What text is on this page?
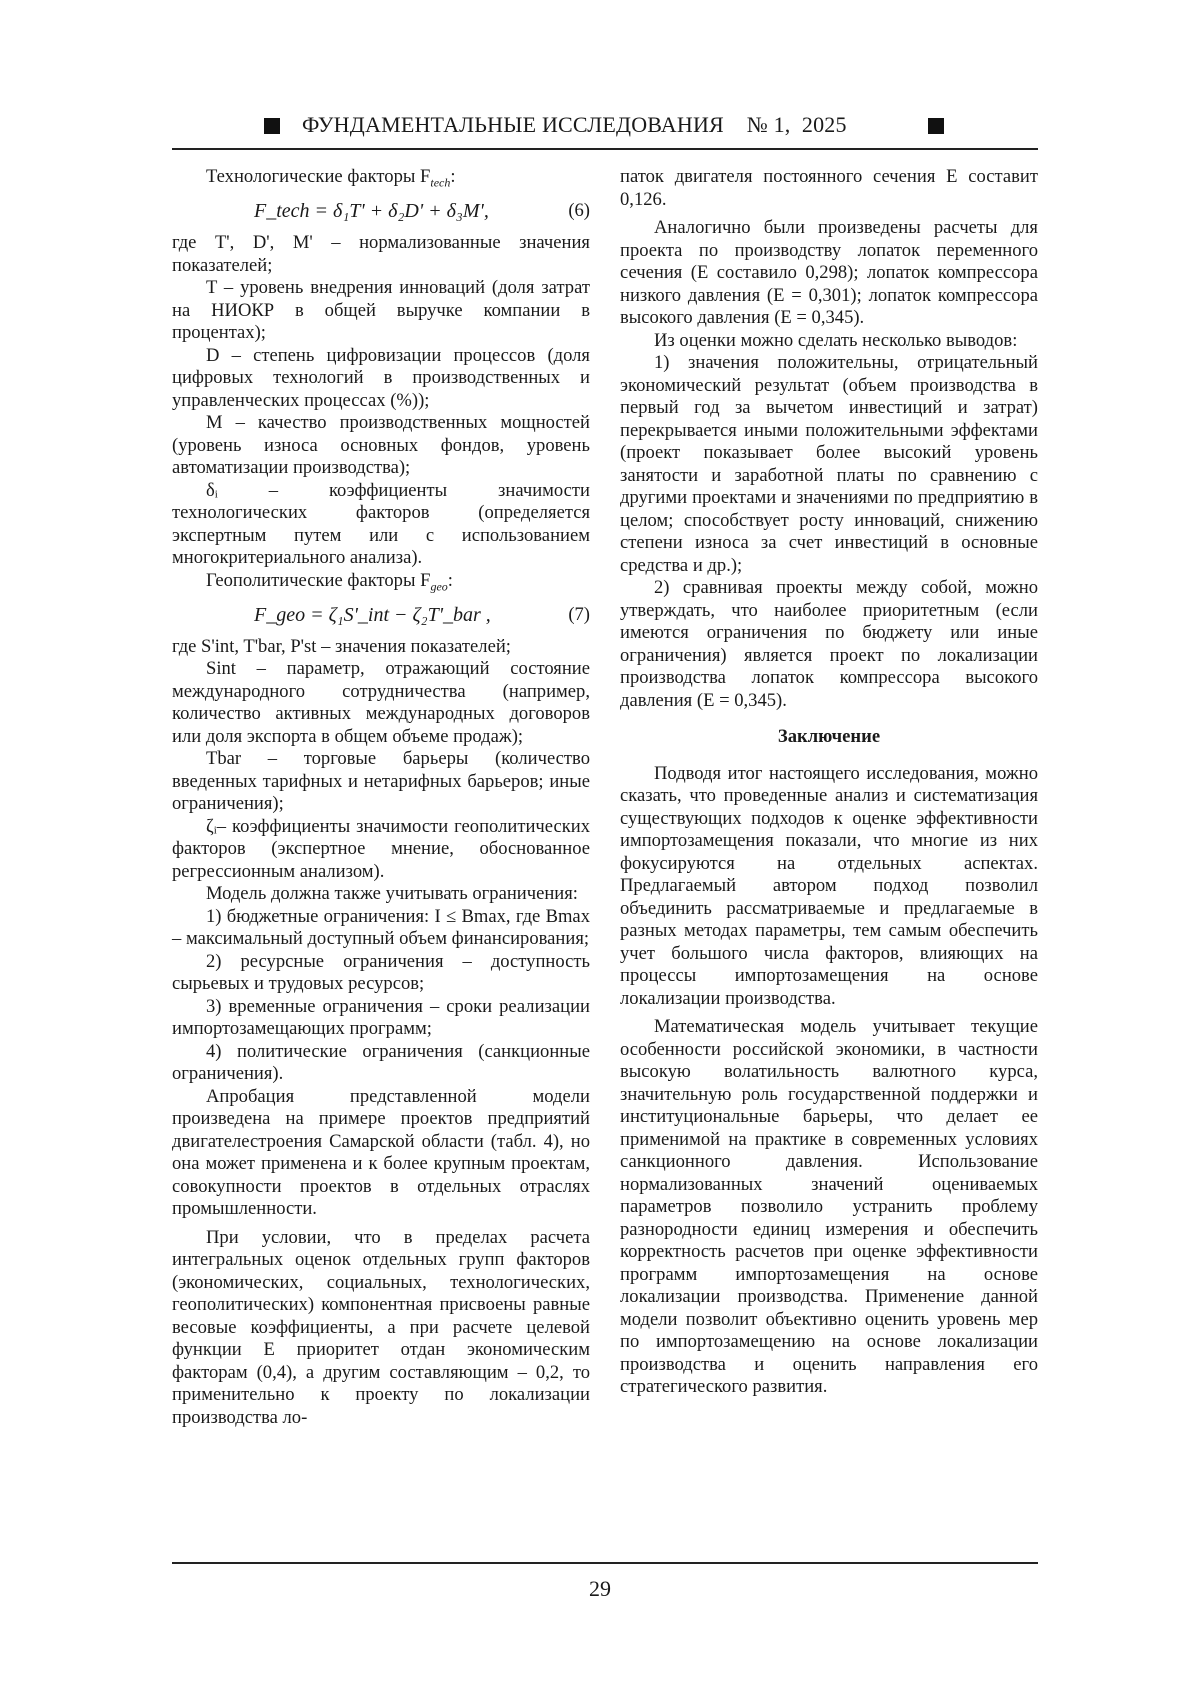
ФУНДАМЕНТАЛЬНЫЕ ИССЛЕДОВАНИЯ    № 1,  2025

Технологические факторы $F_{tech}$:

F_tech = δ₁T' + δ₂D' + δ₃M',	(6)

где T', D', M' – нормализованные значения показателей;

T – уровень внедрения инноваций (доля затрат на НИОКР в общей выручке компании в процентах);

D – степень цифровизации процессов (доля цифровых технологий в производственных и управленческих процессах (%));

M – качество производственных мощностей (уровень износа основных фондов, уровень автоматизации производства);

δᵢ – коэффициенты значимости технологических факторов (определяется экспертным путем или с использованием многокритериального анализа).

Геополитические факторы $F_{geo}$:

F_geo = ζ₁S'_int − ζ₂T'_bar ,	(7)

где S'int, T'bar, P'st – значения показателей;

Sint – параметр, отражающий состояние международного сотрудничества (например, количество активных международных договоров или доля экспорта в общем объеме продаж);

Tbar – торговые барьеры (количество введенных тарифных и нетарифных барьеров; иные ограничения);

ζᵢ– коэффициенты значимости геополитических факторов (экспертное мнение, обоснованное регрессионным анализом).

Модель должна также учитывать ограничения:

1) бюджетные ограничения: I ≤ Bmax, где Bmax – максимальный доступный объем финансирования;

2) ресурсные ограничения – доступность сырьевых и трудовых ресурсов;

3) временные ограничения – сроки реализации импортозамещающих программ;

4) политические ограничения (санкционные ограничения).

Апробация представленной модели произведена на примере проектов предприятий двигателестроения Самарской области (табл. 4), но она может применена и к более крупным проектам, совокупности проектов в отдельных отраслях промышленности.

При условии, что в пределах расчета интегральных оценок отдельных групп факторов (экономических, социальных, технологических, геополитических) компонентная присвоены равные весовые коэффициенты, а при расчете целевой функции E приоритет отдан экономическим факторам (0,4), а другим составляющим – 0,2, то применительно к проекту по локализации производства ло-

паток двигателя постоянного сечения E составит 0,126.

Аналогично были произведены расчеты для проекта по производству лопаток переменного сечения (E составило 0,298); лопаток компрессора низкого давления (E = 0,301); лопаток компрессора высокого давления (E = 0,345).

Из оценки можно сделать несколько выводов:

1) значения положительны, отрицательный экономический результат (объем производства в первый год за вычетом инвестиций и затрат) перекрывается иными положительными эффектами (проект показывает более высокий уровень занятости и заработной платы по сравнению с другими проектами и значениями по предприятию в целом; способствует росту инноваций, снижению степени износа за счет инвестиций в основные средства и др.);

2) сравнивая проекты между собой, можно утверждать, что наиболее приоритетным (если имеются ограничения по бюджету или иные ограничения) является проект по локализации производства лопаток компрессора высокого давления (E = 0,345).

Заключение

Подводя итог настоящего исследования, можно сказать, что проведенные анализ и систематизация существующих подходов к оценке эффективности импортозамещения показали, что многие из них фокусируются на отдельных аспектах. Предлагаемый автором подход позволил объединить рассматриваемые и предлагаемые в разных методах параметры, тем самым обеспечить учет большого числа факторов, влияющих на процессы импортозамещения на основе локализации производства.

Математическая модель учитывает текущие особенности российской экономики, в частности высокую волатильность валютного курса, значительную роль государственной поддержки и институциональные барьеры, что делает ее применимой на практике в современных условиях санкционного давления. Использование нормализованных значений оцениваемых параметров позволило устранить проблему разнородности единиц измерения и обеспечить корректность расчетов при оценке эффективности программ импортозамещения на основе локализации производства. Применение данной модели позволит объективно оценить уровень мер по импортозамещению на основе локализации производства и оценить направления его стратегического развития.

29
